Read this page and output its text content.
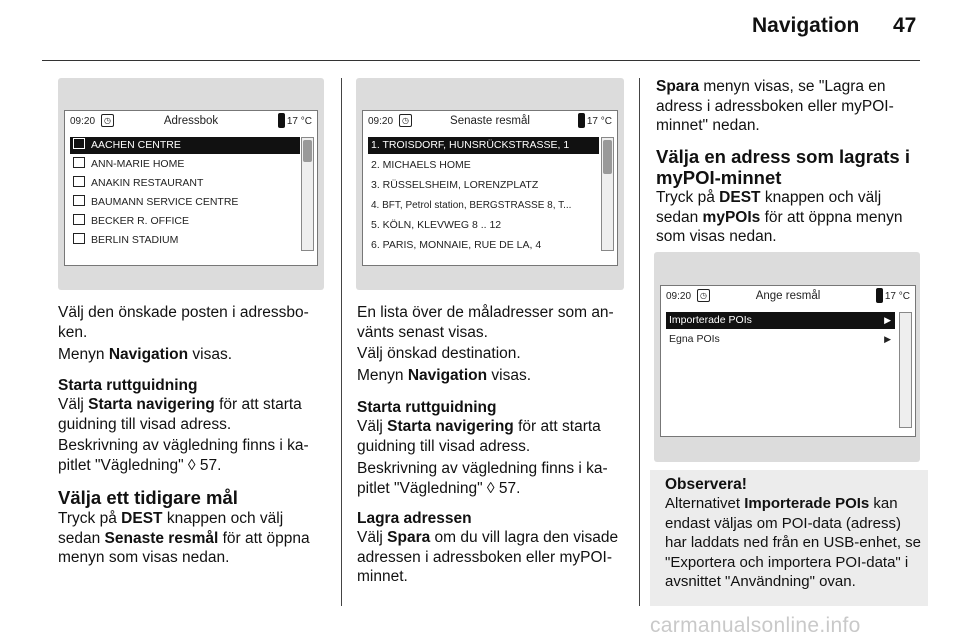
Navigation 47
09:20	◷	Adressbok	17 °C
AACHEN CENTRE
ANN-MARIE HOME
ANAKIN RESTAURANT
BAUMANN SERVICE CENTRE
BECKER R. OFFICE
BERLIN STADIUM
09:20	◷	Senaste resmål	17 °C
1. TROISDORF, HUNSRÜCKSTRASSE, 1
2. MICHAELS HOME
3. RÜSSELSHEIM, LORENZPLATZ
4. BFT, Petrol station, BERGSTRASSE 8, T...
5. KÖLN, KLEVWEG 8 .. 12
6. PARIS, MONNAIE, RUE DE LA, 4
09:20	◷	Ange resmål	17 °C
Importerade POIs	▶
Egna POIs	▶
Välj den önskade posten i adressbo-ken.
Menyn Navigation visas.
Starta ruttguidning
Välj Starta navigering för att starta guidning till visad adress.
Beskrivning av vägledning finns i ka-pitlet "Vägledning" ◊ 57.
Välja ett tidigare mål
Tryck på DEST knappen och välj sedan Senaste resmål för att öppna menyn som visas nedan.
En lista över de måladresser som an-vänts senast visas.
Välj önskad destination.
Menyn Navigation visas.
Starta ruttguidning
Välj Starta navigering för att starta guidning till visad adress.
Beskrivning av vägledning finns i ka-pitlet "Vägledning" ◊ 57.
Lagra adressen
Välj Spara om du vill lagra den visade adressen i adressboken eller myPOI-minnet.
Spara menyn visas, se "Lagra en adress i adressboken eller myPOI-minnet" nedan.
Välja en adress som lagrats i myPOI-minnet
Tryck på DEST knappen och välj sedan myPOIs för att öppna menyn som visas nedan.
Observera!
Alternativet Importerade POIs kan endast väljas om POI-data (adress) har laddats ned från en USB-enhet, se "Exportera och importera POI-data" i avsnittet "Användning" ovan.
carmanualsonline.info
